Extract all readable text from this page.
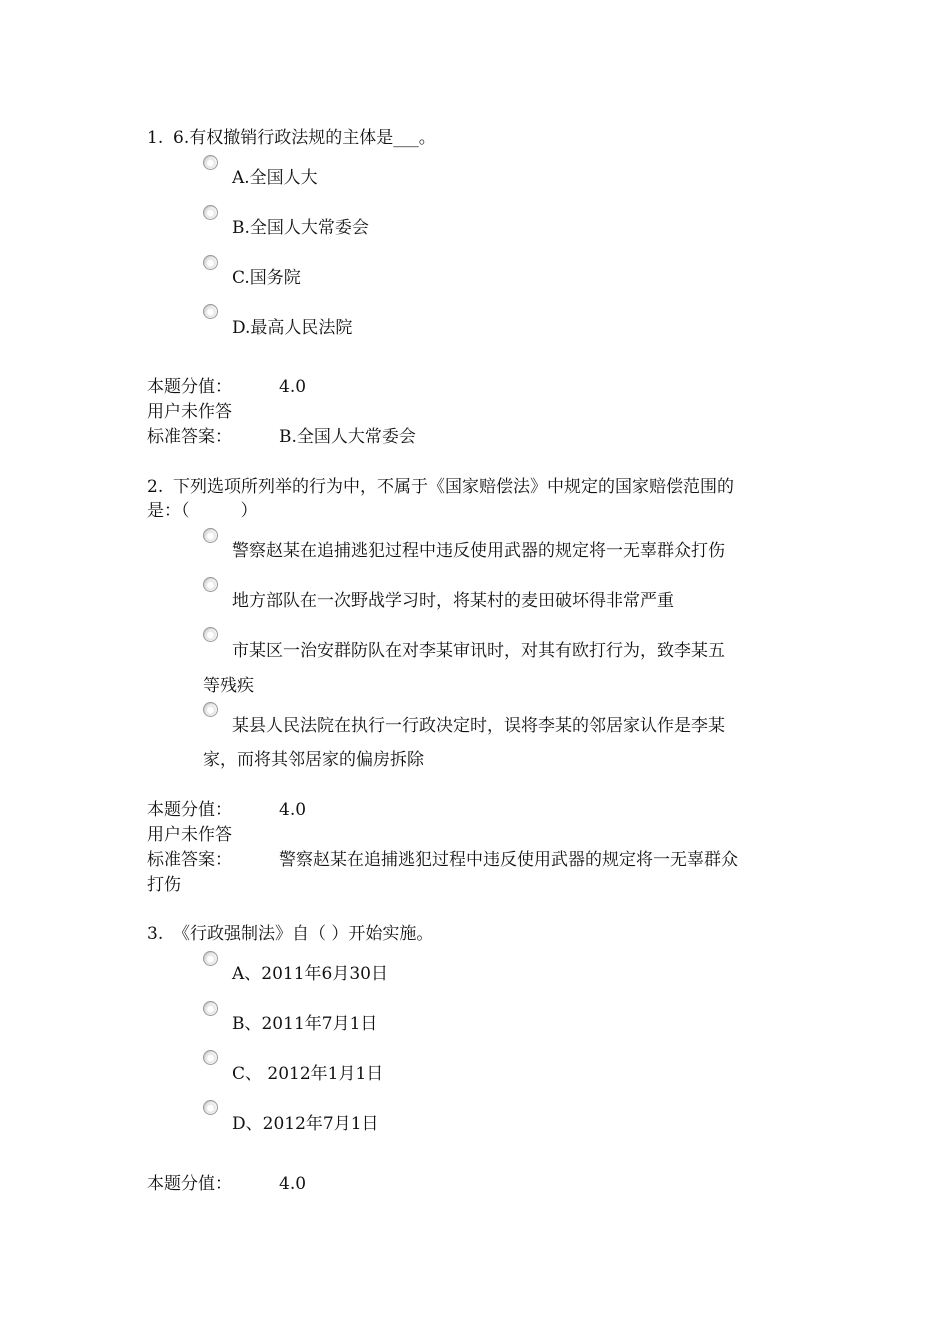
1. 6.有权撤销行政法规的主体是___。
A.全国人大
B.全国人大常委会
C.国务院
D.最高人民法院
本题分值：	4.0
用户未作答
标准答案：	B.全国人大常委会
2. 下列选项所列举的行为中，不属于《国家赔偿法》中规定的国家赔偿范围的
是：（　　　）
警察赵某在追捕逃犯过程中违反使用武器的规定将一无辜群众打伤
地方部队在一次野战学习时，将某村的麦田破坏得非常严重
市某区一治安群防队在对李某审讯时，对其有欧打行为，致李某五
等残疾
某县人民法院在执行一行政决定时，误将李某的邻居家认作是李某
家，而将其邻居家的偏房拆除
本题分值：	4.0
用户未作答
标准答案：	警察赵某在追捕逃犯过程中违反使用武器的规定将一无辜群众
打伤
3. 《行政强制法》自（ ）开始实施。
A、2011年6月30日
B、2011年7月1日
C、 2012年1月1日
D、2012年7月1日
本题分值：	4.0
